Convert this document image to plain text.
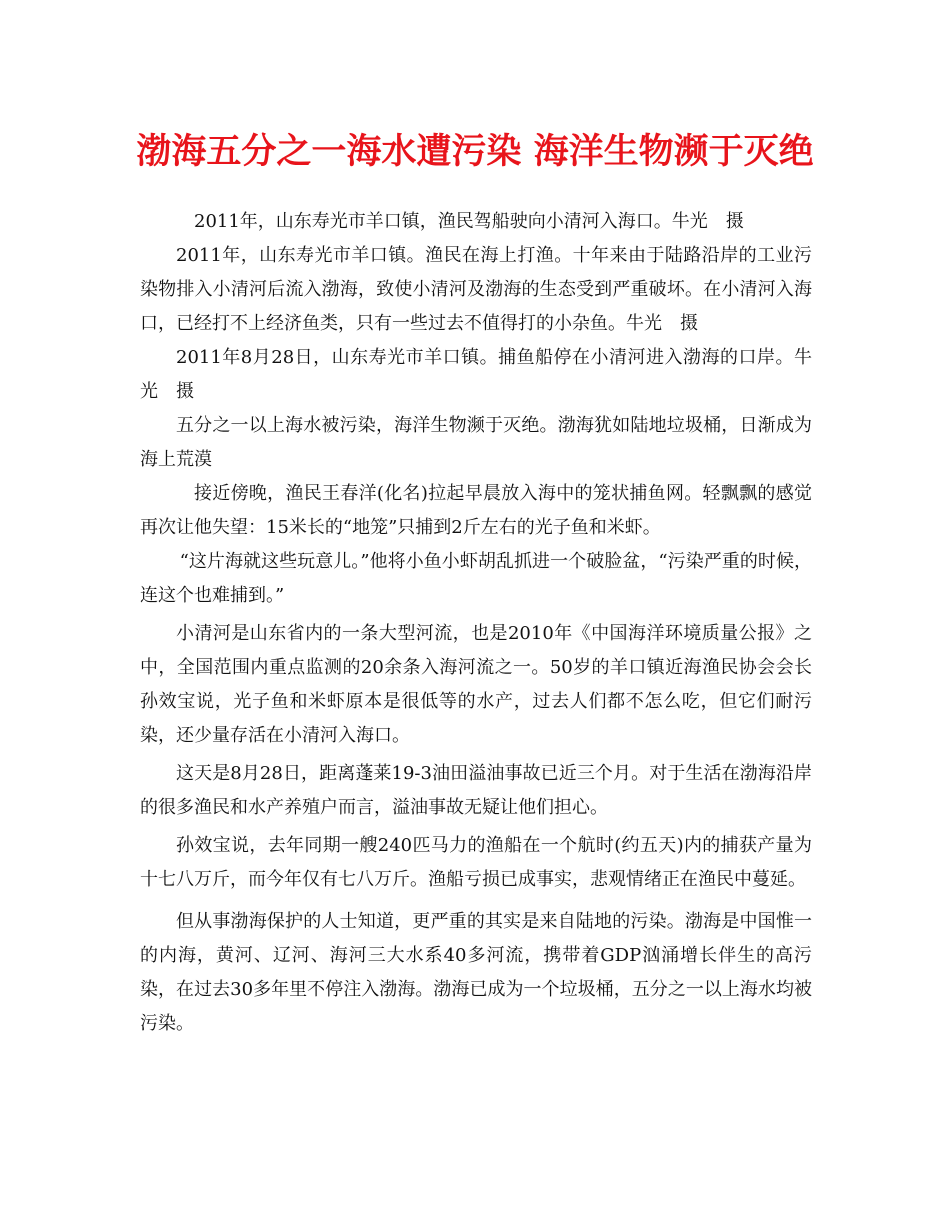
渤海五分之一海水遭污染 海洋生物濒于灭绝

2011年，山东寿光市羊口镇，渔民驾船驶向小清河入海口。牛光　摄

2011年，山东寿光市羊口镇。渔民在海上打渔。十年来由于陆路沿岸的工业污染物排入小清河后流入渤海，致使小清河及渤海的生态受到严重破坏。在小清河入海口，已经打不上经济鱼类，只有一些过去不值得打的小杂鱼。牛光　摄

2011年8月28日，山东寿光市羊口镇。捕鱼船停在小清河进入渤海的口岸。牛光　摄

五分之一以上海水被污染，海洋生物濒于灭绝。渤海犹如陆地垃圾桶，日渐成为海上荒漠

接近傍晚，渔民王春洋(化名)拉起早晨放入海中的笼状捕鱼网。轻飘飘的感觉再次让他失望：15米长的“地笼”只捕到2斤左右的光子鱼和米虾。

“这片海就这些玩意儿。”他将小鱼小虾胡乱抓进一个破脸盆，“污染严重的时候，连这个也难捕到。”

小清河是山东省内的一条大型河流，也是2010年《中国海洋环境质量公报》之中，全国范围内重点监测的20余条入海河流之一。50岁的羊口镇近海渔民协会会长孙效宝说，光子鱼和米虾原本是很低等的水产，过去人们都不怎么吃，但它们耐污染，还少量存活在小清河入海口。

这天是8月28日，距离蓬莱19-3油田溢油事故已近三个月。对于生活在渤海沿岸的很多渔民和水产养殖户而言，溢油事故无疑让他们担心。

孙效宝说，去年同期一艘240匹马力的渔船在一个航时(约五天)内的捕获产量为十七八万斤，而今年仅有七八万斤。渔船亏损已成事实，悲观情绪正在渔民中蔓延。

但从事渤海保护的人士知道，更严重的其实是来自陆地的污染。渤海是中国惟一的内海，黄河、辽河、海河三大水系40多河流，携带着GDP汹涌增长伴生的高污染，在过去30多年里不停注入渤海。渤海已成为一个垃圾桶，五分之一以上海水均被污染。
